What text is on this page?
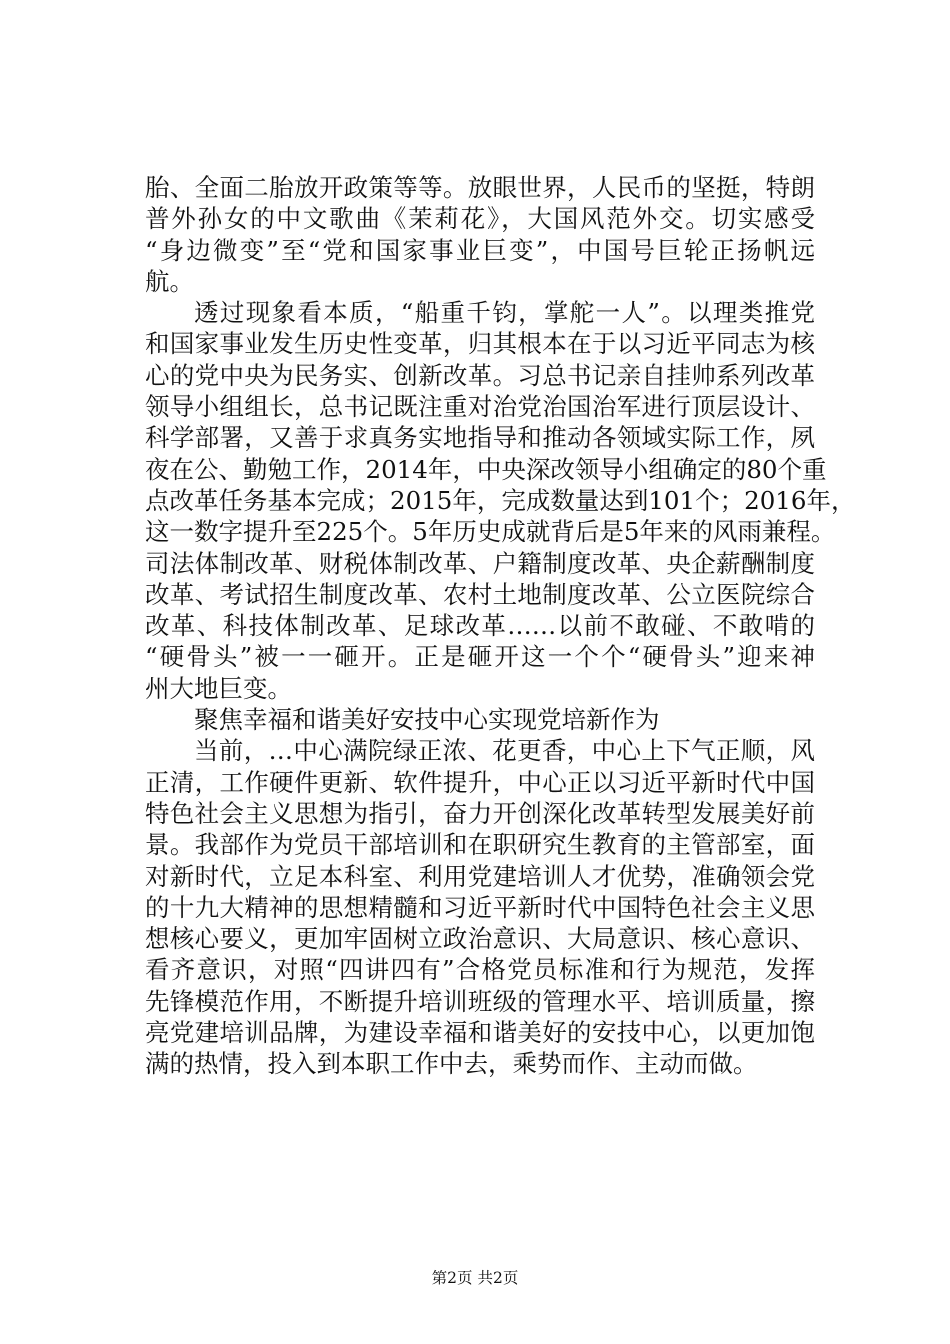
胎、全面二胎放开政策等等。放眼世界，人民币的坚挺，特朗
普外孙女的中文歌曲《茉莉花》，大国风范外交。切实感受
“身边微变”至“党和国家事业巨变”，中国号巨轮正扬帆远
航。
透过现象看本质，“船重千钧，掌舵一人”。以理类推党
和国家事业发生历史性变革，归其根本在于以习近平同志为核
心的党中央为民务实、创新改革。习总书记亲自挂帅系列改革
领导小组组长，总书记既注重对治党治国治军进行顶层设计、
科学部署，又善于求真务实地指导和推动各领域实际工作，夙
夜在公、勤勉工作，2014年，中央深改领导小组确定的80个重
点改革任务基本完成；2015年，完成数量达到101个；2016年，
这一数字提升至225个。5年历史成就背后是5年来的风雨兼程。
司法体制改革、财税体制改革、户籍制度改革、央企薪酬制度
改革、考试招生制度改革、农村土地制度改革、公立医院综合
改革、科技体制改革、足球改革……以前不敢碰、不敢啃的
“硬骨头”被一一砸开。正是砸开这一个个“硬骨头”迎来神
州大地巨变。
聚焦幸福和谐美好安技中心实现党培新作为
当前，…中心满院绿正浓、花更香，中心上下气正顺，风
正清，工作硬件更新、软件提升，中心正以习近平新时代中国
特色社会主义思想为指引，奋力开创深化改革转型发展美好前
景。我部作为党员干部培训和在职研究生教育的主管部室，面
对新时代，立足本科室、利用党建培训人才优势，准确领会党
的十九大精神的思想精髓和习近平新时代中国特色社会主义思
想核心要义，更加牢固树立政治意识、大局意识、核心意识、
看齐意识，对照“四讲四有”合格党员标准和行为规范，发挥
先锋模范作用，不断提升培训班级的管理水平、培训质量，擦
亮党建培训品牌，为建设幸福和谐美好的安技中心，以更加饱
满的热情，投入到本职工作中去，乘势而作、主动而做。
第2页 共2页
